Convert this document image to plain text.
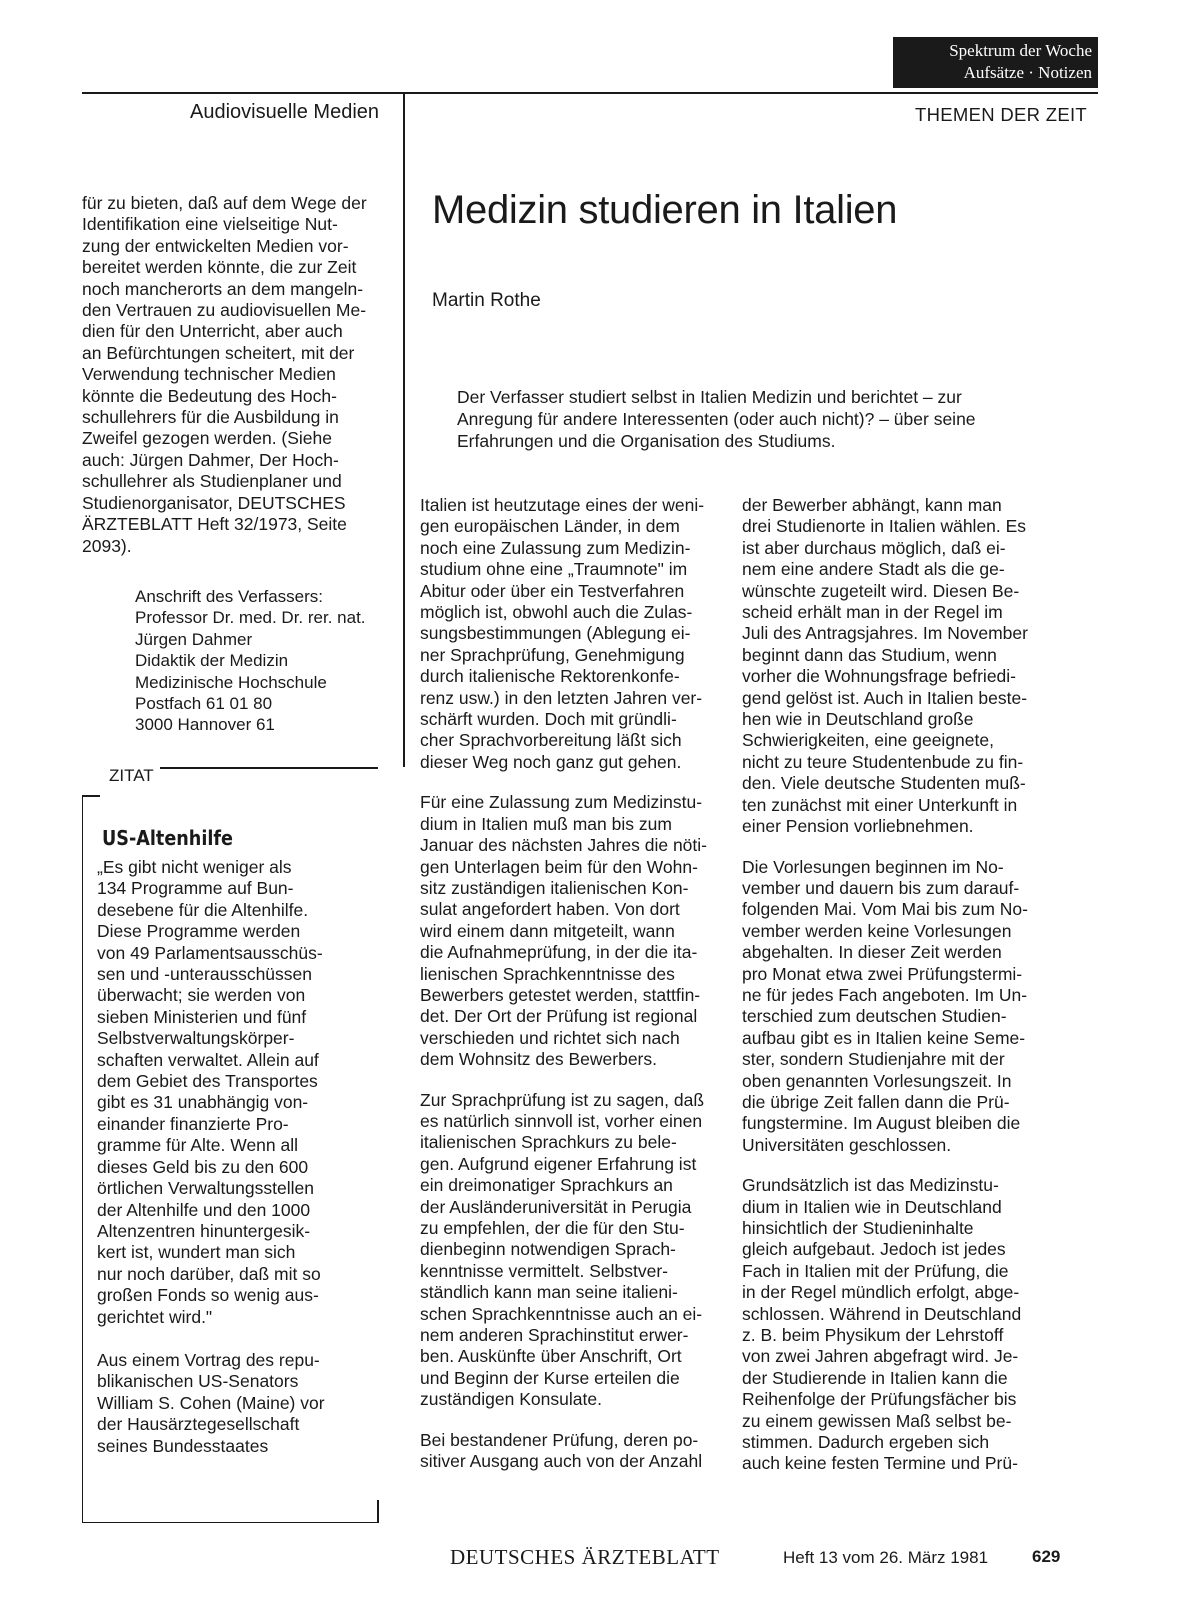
Spektrum der Woche
Aufsätze · Notizen
Audiovisuelle Medien	THEMEN DER ZEIT
für zu bieten, daß auf dem Wege der
Identifikation eine vielseitige Nut-
zung der entwickelten Medien vor-
bereitet werden könnte, die zur Zeit
noch mancherorts an dem mangeln-
den Vertrauen zu audiovisuellen Me-
dien für den Unterricht, aber auch
an Befürchtungen scheitert, mit der
Verwendung technischer Medien
könnte die Bedeutung des Hoch-
schullehrers für die Ausbildung in
Zweifel gezogen werden. (Siehe
auch: Jürgen Dahmer, Der Hoch-
schullehrer als Studienplaner und
Studienorganisator, DEUTSCHES
ÄRZTEBLATT Heft 32/1973, Seite
2093).
Anschrift des Verfassers:
Professor Dr. med. Dr. rer. nat.
Jürgen Dahmer
Didaktik der Medizin
Medizinische Hochschule
Postfach 61 01 80
3000 Hannover 61
ZITAT
US-Altenhilfe
„Es gibt nicht weniger als
134 Programme auf Bun-
desebene für die Altenhilfe.
Diese Programme werden
von 49 Parlamentsausschüs-
sen und -unterausschüssen
überwacht; sie werden von
sieben Ministerien und fünf
Selbstverwaltungskörper-
schaften verwaltet. Allein auf
dem Gebiet des Transportes
gibt es 31 unabhängig von-
einander finanzierte Pro-
gramme für Alte. Wenn all
dieses Geld bis zu den 600
örtlichen Verwaltungsstellen
der Altenhilfe und den 1000
Altenzentren hinuntergesik-
kert ist, wundert man sich
nur noch darüber, daß mit so
großen Fonds so wenig aus-
gerichtet wird."
Aus einem Vortrag des repu-
blikanischen US-Senators
William S. Cohen (Maine) vor
der Hausärztegesellschaft
seines Bundesstaates
Medizin studieren in Italien
Martin Rothe
Der Verfasser studiert selbst in Italien Medizin und berichtet – zur
Anregung für andere Interessenten (oder auch nicht)? – über seine
Erfahrungen und die Organisation des Studiums.

Italien ist heutzutage eines der weni-
gen europäischen Länder, in dem
noch eine Zulassung zum Medizin-
studium ohne eine „Traumnote" im
Abitur oder über ein Testverfahren
möglich ist, obwohl auch die Zulas-
sungsbestimmungen (Ablegung ei-
ner Sprachprüfung, Genehmigung
durch italienische Rektorenkonfe-
renz usw.) in den letzten Jahren ver-
schärft wurden. Doch mit gründli-
cher Sprachvorbereitung läßt sich
dieser Weg noch ganz gut gehen.

Für eine Zulassung zum Medizinstu-
dium in Italien muß man bis zum
Januar des nächsten Jahres die nöti-
gen Unterlagen beim für den Wohn-
sitz zuständigen italienischen Kon-
sulat angefordert haben. Von dort
wird einem dann mitgeteilt, wann
die Aufnahmeprüfung, in der die ita-
lienischen Sprachkenntnisse des
Bewerbers getestet werden, stattfin-
det. Der Ort der Prüfung ist regional
verschieden und richtet sich nach
dem Wohnsitz des Bewerbers.

Zur Sprachprüfung ist zu sagen, daß
es natürlich sinnvoll ist, vorher einen
italienischen Sprachkurs zu bele-
gen. Aufgrund eigener Erfahrung ist
ein dreimonatiger Sprachkurs an
der Ausländeruniversität in Perugia
zu empfehlen, der die für den Stu-
dienbeginn notwendigen Sprach-
kenntnisse vermittelt. Selbstver-
ständlich kann man seine italieni-
schen Sprachkenntnisse auch an ei-
nem anderen Sprachinstitut erwer-
ben. Auskünfte über Anschrift, Ort
und Beginn der Kurse erteilen die
zuständigen Konsulate.

Bei bestandener Prüfung, deren po-
sitiver Ausgang auch von der Anzahl

der Bewerber abhängt, kann man
drei Studienorte in Italien wählen. Es
ist aber durchaus möglich, daß ei-
nem eine andere Stadt als die ge-
wünschte zugeteilt wird. Diesen Be-
scheid erhält man in der Regel im
Juli des Antragsjahres. Im November
beginnt dann das Studium, wenn
vorher die Wohnungsfrage befriedi-
gend gelöst ist. Auch in Italien beste-
hen wie in Deutschland große
Schwierigkeiten, eine geeignete,
nicht zu teure Studentenbude zu fin-
den. Viele deutsche Studenten muß-
ten zunächst mit einer Unterkunft in
einer Pension vorliebnehmen.

Die Vorlesungen beginnen im No-
vember und dauern bis zum darauf-
folgenden Mai. Vom Mai bis zum No-
vember werden keine Vorlesungen
abgehalten. In dieser Zeit werden
pro Monat etwa zwei Prüfungstermi-
ne für jedes Fach angeboten. Im Un-
terschied zum deutschen Studien-
aufbau gibt es in Italien keine Seme-
ster, sondern Studienjahre mit der
oben genannten Vorlesungszeit. In
die übrige Zeit fallen dann die Prü-
fungstermine. Im August bleiben die
Universitäten geschlossen.

Grundsätzlich ist das Medizinstu-
dium in Italien wie in Deutschland
hinsichtlich der Studieninhalte
gleich aufgebaut. Jedoch ist jedes
Fach in Italien mit der Prüfung, die
in der Regel mündlich erfolgt, abge-
schlossen. Während in Deutschland
z. B. beim Physikum der Lehrstoff
von zwei Jahren abgefragt wird. Je-
der Studierende in Italien kann die
Reihenfolge der Prüfungsfächer bis
zu einem gewissen Maß selbst be-
stimmen. Dadurch ergeben sich
auch keine festen Termine und Prü-

DEUTSCHES ÄRZTEBLATT	Heft 13 vom 26. März 1981	629
